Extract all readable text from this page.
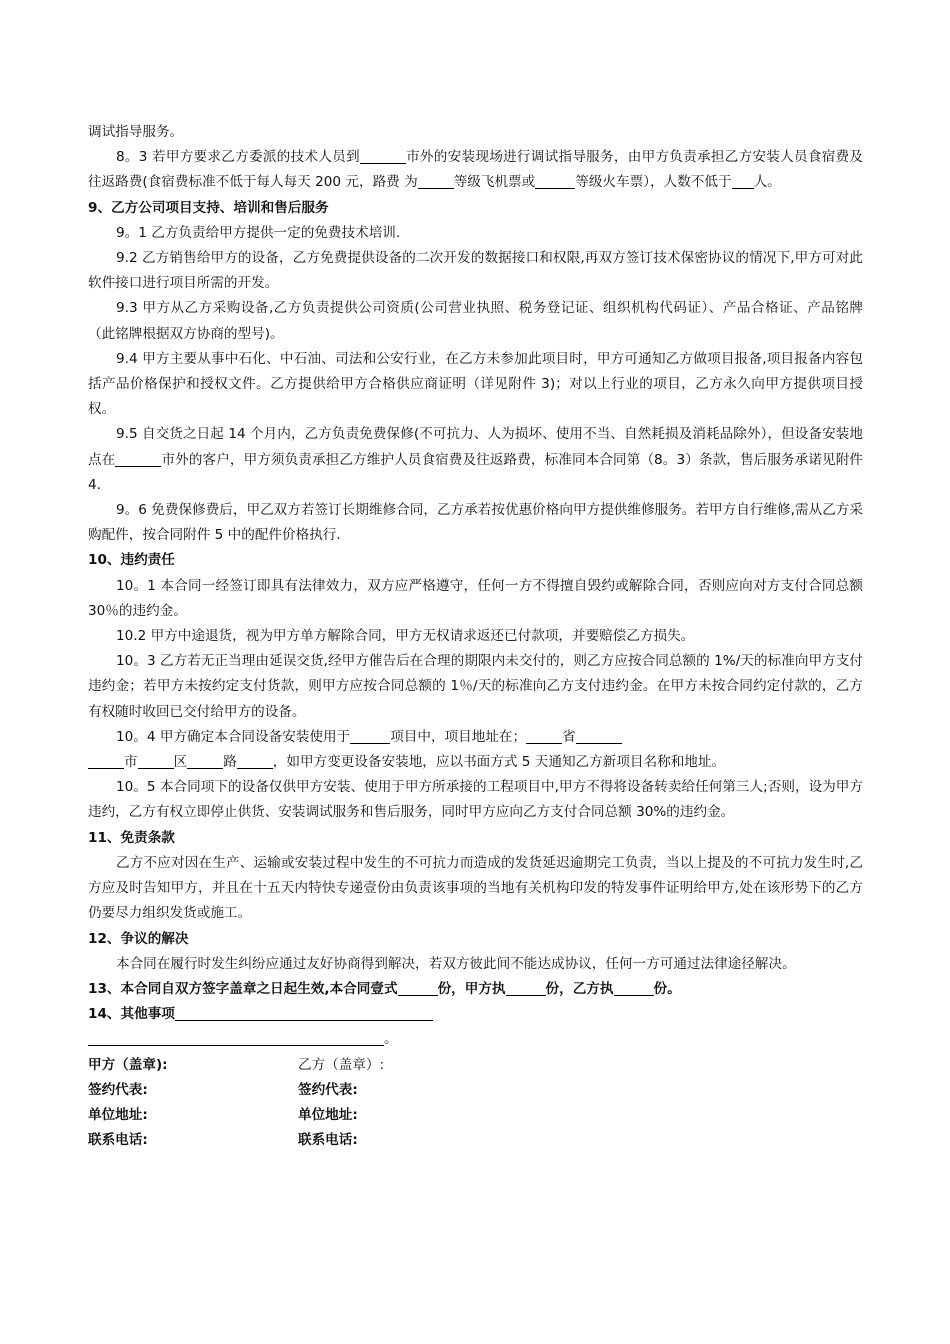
调试指导服务。

8。3 若甲方要求乙方委派的技术人员到	市外的安装现场进行调试指导服务，由甲方负责承担乙方安装人员食宿费及往返路费(食宿费标准不低于每人每天 200 元，路费 为	等级飞机票或	等级火车票），人数不低于 人。

9、乙方公司项目支持、培训和售后服务

9。1 乙方负责给甲方提供一定的免费技术培训.

9.2 乙方销售给甲方的设备，乙方免费提供设备的二次开发的数据接口和权限,再双方签订技术保密协议的情况下,甲方可对此软件接口进行项目所需的开发。

9.3 甲方从乙方采购设备,乙方负责提供公司资质(公司营业执照、税务登记证、组织机构代码证）、产品合格证、产品铭牌（此铭牌根据双方协商的型号)。

9.4 甲方主要从事中石化、中石油、司法和公安行业，在乙方未参加此项目时，甲方可通知乙方做项目报备,项目报备内容包括产品价格保护和授权文件。乙方提供给甲方合格供应商证明（详见附件 3)；对以上行业的项目，乙方永久向甲方提供项目授权。

9.5 自交货之日起 14 个月内，乙方负责免费保修(不可抗力、人为损坏、使用不当、自然耗损及消耗品除外），但设备安装地点在	市外的客户，甲方须负责承担乙方维护人员食宿费及往返路费，标准同本合同第（8。3）条款，售后服务承诺见附件 4.

9。6 免费保修费后，甲乙双方若签订长期维修合同，乙方承若按优惠价格向甲方提供维修服务。若甲方自行维修,需从乙方采购配件，按合同附件 5 中的配件价格执行.

10、违约责任

10。1 本合同一经签订即具有法律效力，双方应严格遵守，任何一方不得擅自毁约或解除合同，否则应向对方支付合同总额 30％的违约金。

10.2 甲方中途退货，视为甲方单方解除合同，甲方无权请求返还已付款项，并要赔偿乙方损失。

10。3 乙方若无正当理由延误交货,经甲方催告后在合理的期限内未交付的，则乙方应按合同总额的 1%/天的标准向甲方支付违约金；若甲方未按约定支付货款，则甲方应按合同总额的 1％/天的标准向乙方支付违约金。在甲方未按合同约定付款的，乙方有权随时收回已交付给甲方的设备。

10。4 甲方确定本合同设备安装使用于	项目中，项目地址在；	省
市	区	路	，如甲方变更设备安装地，应以书面方式 5 天通知乙方新项目名称和地址。

10。5 本合同项下的设备仅供甲方安装、使用于甲方所承接的工程项目中,甲方不得将设备转卖给任何第三人;否则，设为甲方违约，乙方有权立即停止供货、安装调试服务和售后服务，同时甲方应向乙方支付合同总额 30%的违约金。

11、免责条款

乙方不应对因在生产、运输或安装过程中发生的不可抗力而造成的发货延迟逾期完工负责，当以上提及的不可抗力发生时,乙方应及时告知甲方，并且在十五天内特快专递壹份由负责该事项的当地有关机构印发的特发事件证明给甲方,处在该形势下的乙方仍要尽力组织发货或施工。

12、争议的解决

本合同在履行时发生纠纷应通过友好协商得到解决，若双方彼此间不能达成协议，任何一方可通过法律途径解决。

13、本合同自双方签字盖章之日起生效,本合同壹式	份，甲方执	份，乙方执	份。

14、其他事项

。

甲方（盖章):	乙方（盖章）:
签约代表:	签约代表:
单位地址:	单位地址:
联系电话:	联系电话:
